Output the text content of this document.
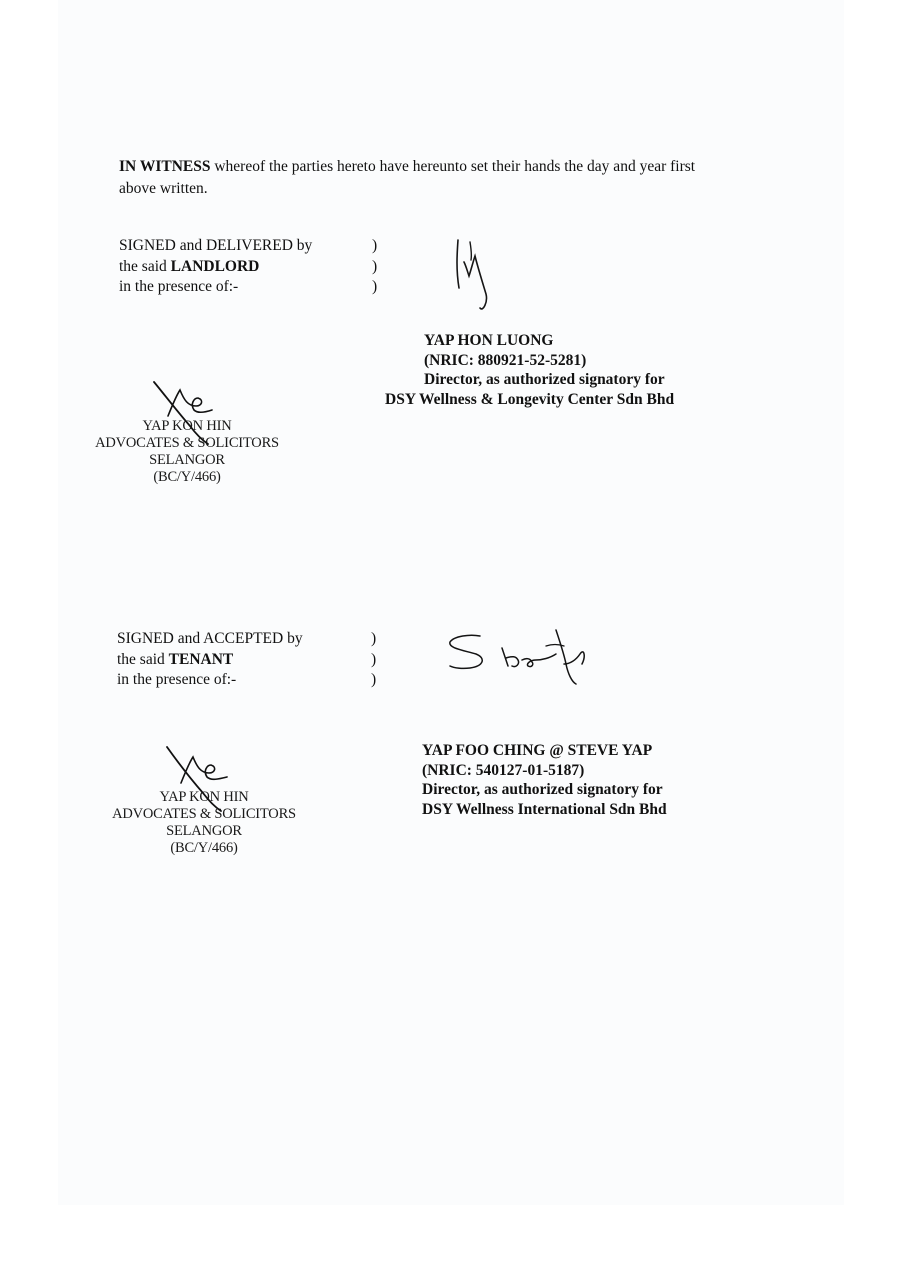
IN WITNESS whereof the parties hereto have hereunto set their hands the day and year first above written.
SIGNED and DELIVERED by
the said LANDLORD
in the presence of:-
)
)
)
YAP HON LUONG
(NRIC: 880921-52-5281)
Director, as authorized signatory for
DSY Wellness & Longevity Center Sdn Bhd
YAP KON HIN
ADVOCATES & SOLICITORS
SELANGOR
(BC/Y/466)
SIGNED and ACCEPTED by
the said TENANT
in the presence of:-
)
)
)
YAP FOO CHING @ STEVE YAP
(NRIC: 540127-01-5187)
Director, as authorized signatory for
DSY Wellness International Sdn Bhd
YAP KON HIN
ADVOCATES & SOLICITORS
SELANGOR
(BC/Y/466)
